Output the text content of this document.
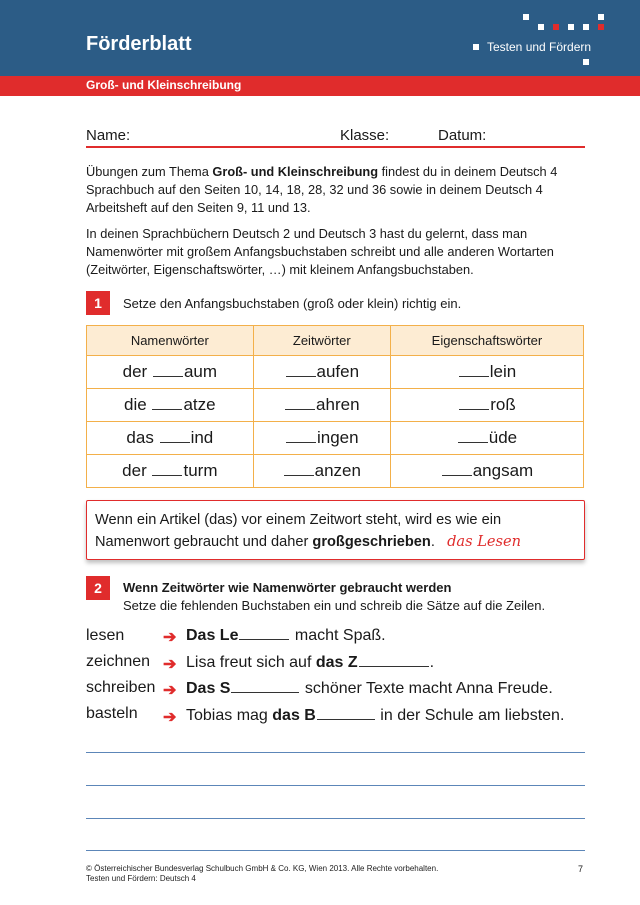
Förderblatt	Testen und Fördern
Groß- und Kleinschreibung
Name:	Klasse:	Datum:
Übungen zum Thema Groß- und Kleinschreibung findest du in deinem Deutsch 4 Sprachbuch auf den Seiten 10, 14, 18, 28, 32 und 36 sowie in deinem Deutsch 4 Arbeitsheft auf den Seiten 9, 11 und 13.
In deinen Sprachbüchern Deutsch 2 und Deutsch 3 hast du gelernt, dass man Namenwörter mit großem Anfangsbuchstaben schreibt und alle anderen Wortarten (Zeitwörter, Eigenschaftswörter, …) mit kleinem Anfangsbuchstaben.
1	Setze den Anfangsbuchstaben (groß oder klein) richtig ein.
Namenwörter	Zeitwörter	Eigenschaftswörter
der aum	aufen	lein
die atze	ahren	roß
das ind	ingen	üde
der turm	anzen	angsam
Wenn ein Artikel (das) vor einem Zeitwort steht, wird es wie ein Namenwort gebraucht und daher großgeschrieben. das Lesen
2	Wenn Zeitwörter wie Namenwörter gebraucht werden
Setze die fehlenden Buchstaben ein und schreib die Sätze auf die Zeilen.
lesen ➔ Das Le	macht Spaß.
zeichnen ➔ Lisa freut sich auf das Z	.
schreiben ➔ Das S	schöner Texte macht Anna Freude.
basteln ➔ Tobias mag das B	in der Schule am liebsten.
© Österreichischer Bundesverlag Schulbuch GmbH & Co. KG, Wien 2013. Alle Rechte vorbehalten.
Testen und Fördern: Deutsch 4
7
